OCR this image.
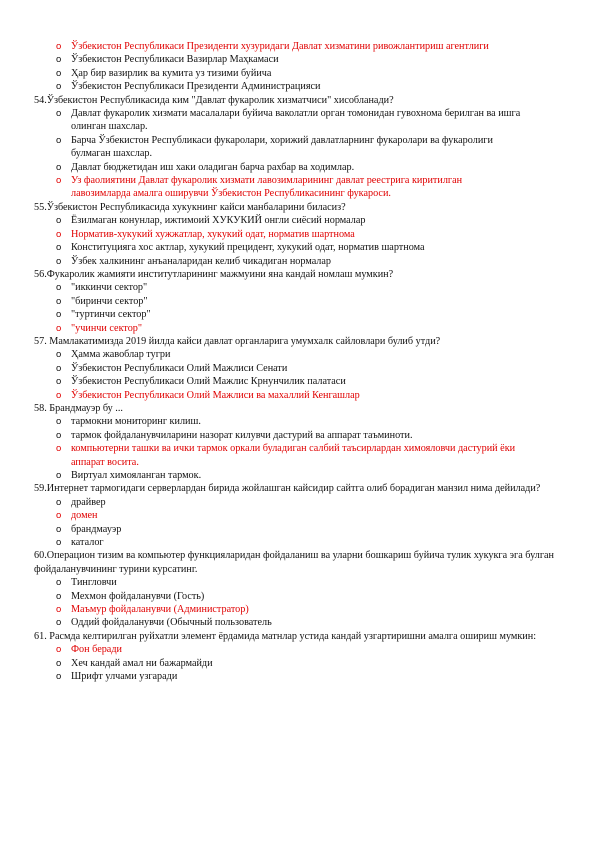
o Ўзбекистон Республикаси Президенти хузуридаги Давлат хизматини ривожлантириш агентлиги
o Ўзбекистон Республикаси Вазирлар Маҳкамаси
o Ҳар бир вазирлик ва кумита уз тизими буйича
o Ўзбекистон Республикаси Президенти Администрацияси

54.Ўзбекистон Республикасида ким "Давлат фукаролик хизматчиси" хисобланади?

o Давлат фукаролик хизмати масалалари буйича ваколатли орган томонидан гувохнома берилган ва ишга олинган шахслар.
o Барча Ўзбекистон Республикаси фукаролари, хорижий давлатларнинг фукаролари ва фукаролиги булмаган шахслар.
o Давлат бюджетидан иш хаки оладиган барча рахбар ва ходимлар.
o Уз фаолиятини Давлат фукаролик хизмати лавозимларининг давлат реестрига киритилган лавозимларда амалга оширувчи Ўзбекистон Республикасининг фукароси.

55.Ўзбекистон Республикасида хукукнинг кайси манбаларини биласиз?

o Ёзилмаган конунлар, ижтимоий ХУКУКИЙ онгли сиёсий нормалар
o Норматив-хукукий хужжатлар, хукукий одат, норматив шартнома
o Конституцияга хос актлар, хукукий прецидент, хукукий одат, норматив шартнома
o Ўзбек халкининг анъаналаридан келиб чикадиган нормалар

56.Фукаролик жамияти институтларининг мажмуини яна кандай номлаш мумкин?

o "иккинчи сектор"
o "биринчи сектор"
o "туртинчи сектор"
o "учинчи сектор"

57. Мамлакатимизда 2019 йилда кайси давлат органларига умумхалк сайловлари булиб утди?

o Ҳамма жавоблар тугри
o Ўзбекистон Республикаси Олий Мажлиси Сенати
o Ўзбекистон Республикаси Олий Мажлис Крнунчилик палатаси
o Ўзбекистон Республикаси Олий Мажлиси ва махаллий Кенгашлар

58. Брандмауэр бу ...

o тармокни мониторинг килиш.
o тармок фойдаланувчиларини назорат килувчи дастурий ва аппарат таъминоти.
o компьютерни ташки ва ички тармок оркали буладиган салбий таъсирлардан химояловчи дастурий ёки аппарат восита.
o Виртуал химояланган тармок.

59.Интернет тармогидаги серверлардан бирида жойлашган кайсидир сайтга олиб борадиган манзил нима дейилади?

o драйвер
o домен
o брандмауэр
o каталог

60.Операцион тизим ва компьютер функцияларидан фойдаланиш ва уларни бошкариш буйича тулик хукукга эга булган фойдаланувчининг турини курсатинг.

o Тингловчи
o Мехмон фойдаланувчи (Гость)
o Маъмур фойдаланувчи (Администратор)
o Оддий фойдаланувчи (Обычный пользователь

61. Расмда келтирилган руйхатли элемент ёрдамида матнлар устида кандай узгартиришни амалга ошириш мумкин:

o Фон беради
o Хеч кандай амал ни бажармайди
o Шрифт улчами узгаради
